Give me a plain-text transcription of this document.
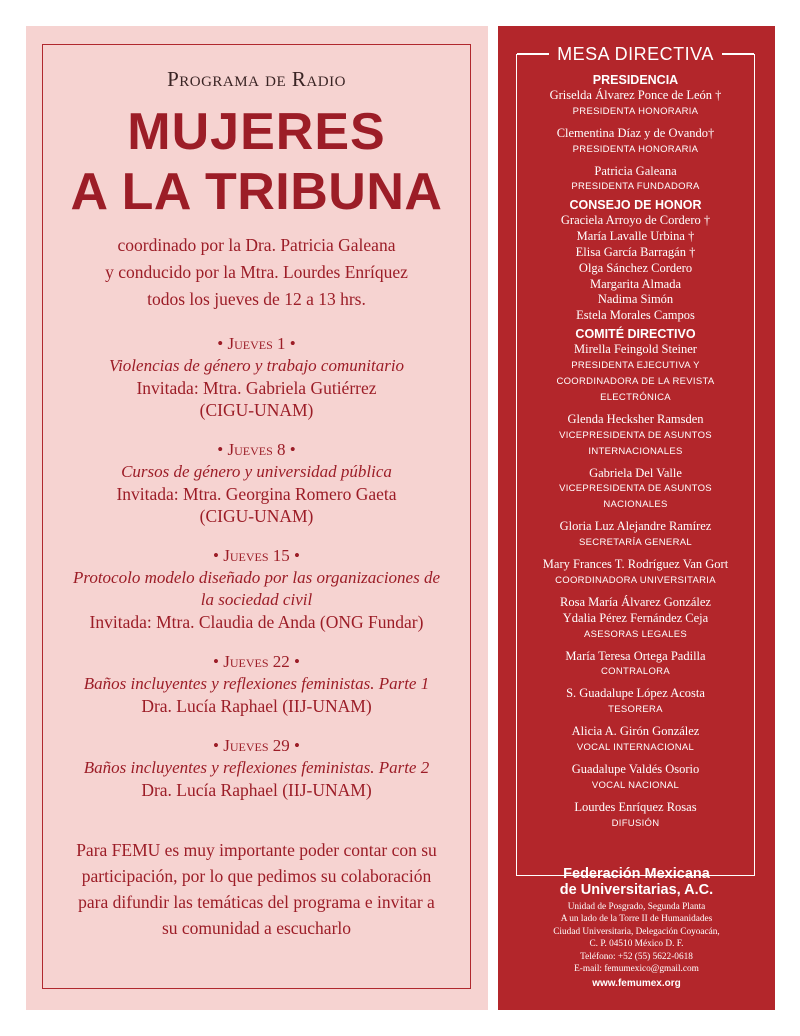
Programa de Radio
MUJERES
A LA TRIBUNA
coordinado por la Dra. Patricia Galeana
y conducido por la Mtra. Lourdes Enríquez
todos los jueves de 12 a 13 hrs.
• Jueves 1 •
Violencias de género y trabajo comunitario
Invitada: Mtra. Gabriela Gutiérrez
(CIGU-UNAM)
• Jueves 8 •
Cursos de género y universidad pública
Invitada: Mtra. Georgina Romero Gaeta
(CIGU-UNAM)
• Jueves 15 •
Protocolo modelo diseñado por las organizaciones de
la sociedad civil
Invitada: Mtra. Claudia de Anda (ONG Fundar)
• Jueves 22 •
Baños incluyentes y reflexiones feministas. Parte 1
Dra. Lucía Raphael (IIJ-UNAM)
• Jueves 29 •
Baños incluyentes y reflexiones feministas. Parte 2
Dra. Lucía Raphael (IIJ-UNAM)
Para FEMU es muy importante poder contar con su
participación, por lo que pedimos su colaboración
para difundir las temáticas del programa e invitar a
su comunidad a escucharlo
MESA DIRECTIVA
PRESIDENCIA
Griselda Álvarez Ponce de León †
PRESIDENTA HONORARIA
Clementina Díaz y de Ovando†
PRESIDENTA HONORARIA
Patricia Galeana
PRESIDENTA FUNDADORA
CONSEJO DE HONOR
Graciela Arroyo de Cordero †
María Lavalle Urbina †
Elisa García Barragán †
Olga Sánchez Cordero
Margarita Almada
Nadima Simón
Estela Morales Campos
COMITÉ DIRECTIVO
Mirella Feingold Steiner
PRESIDENTA EJECUTIVA Y
COORDINADORA DE LA REVISTA
ELECTRÓNICA
Glenda Hecksher Ramsden
VICEPRESIDENTA DE ASUNTOS
INTERNACIONALES
Gabriela Del Valle
VICEPRESIDENTA DE ASUNTOS
NACIONALES
Gloria Luz Alejandre Ramírez
SECRETARÍA GENERAL
Mary Frances T. Rodríguez Van Gort
COORDINADORA UNIVERSITARIA
Rosa María Álvarez González
Ydalia Pérez Fernández Ceja
ASESORAS LEGALES
María Teresa Ortega Padilla
CONTRALORA
S. Guadalupe López Acosta
TESORERA
Alicia A. Girón González
VOCAL INTERNACIONAL
Guadalupe Valdés Osorio
VOCAL NACIONAL
Lourdes Enríquez Rosas
DIFUSIÓN
Federación Mexicana
de Universitarias, A.C.
Unidad de Posgrado, Segunda Planta
A un lado de la Torre II de Humanidades
Ciudad Universitaria, Delegación Coyoacán,
C. P. 04510 México D. F.
Teléfono: +52 (55) 5622-0618
E-mail: femumexico@gmail.com
www.femumex.org
